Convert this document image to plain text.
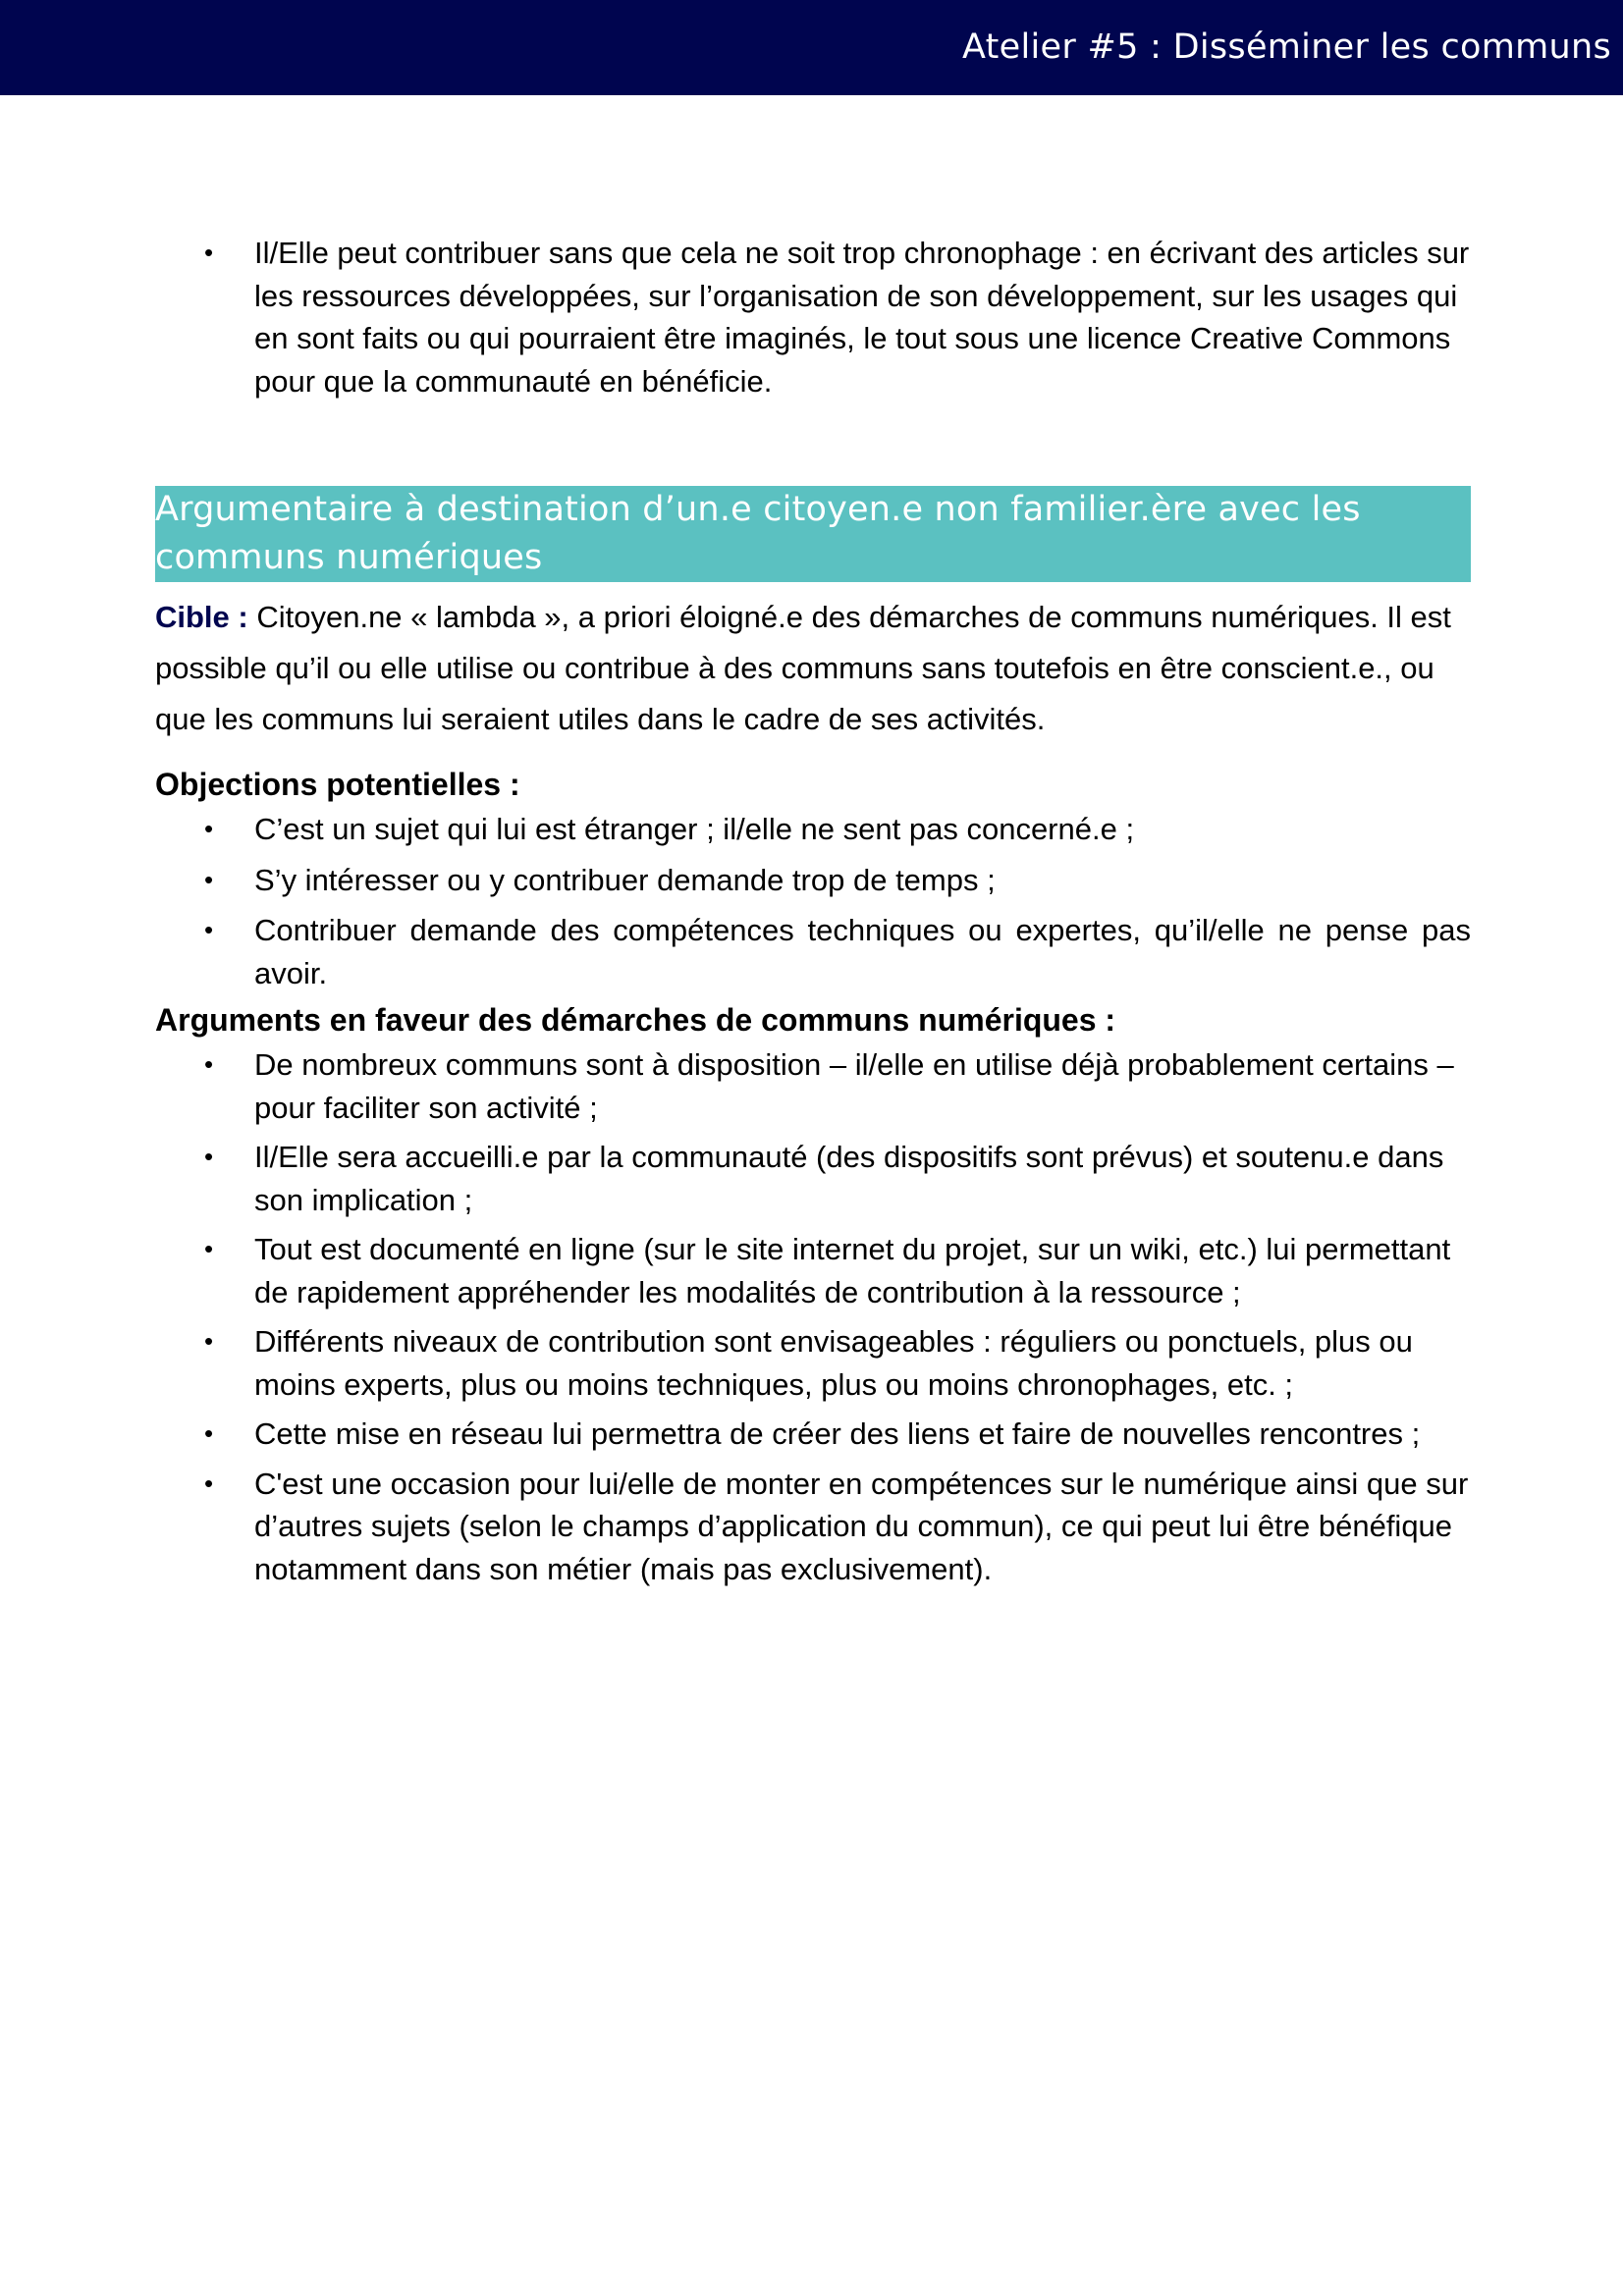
Atelier #5 : Disséminer les communs
• Il/Elle peut contribuer sans que cela ne soit trop chronophage : en écrivant des articles sur les ressources développées, sur l’organisation de son développement, sur les usages qui en sont faits ou qui pourraient être imaginés, le tout sous une licence Creative Commons pour que la communauté en bénéficie.
Argumentaire à destination d’un.e citoyen.e non familier.ère avec les communs numériques
Cible : Citoyen.ne « lambda », a priori éloigné.e des démarches de communs numériques. Il est possible qu’il ou elle utilise ou contribue à des communs sans toutefois en être conscient.e., ou que les communs lui seraient utiles dans le cadre de ses activités.
Objections potentielles :
• C’est un sujet qui lui est étranger ; il/elle ne sent pas concerné.e ;
• S’y intéresser ou y contribuer demande trop de temps ;
• Contribuer demande des compétences techniques ou expertes, qu’il/elle ne pense pas avoir.
Arguments en faveur des démarches de communs numériques :
• De nombreux communs sont à disposition – il/elle en utilise déjà probablement certains – pour faciliter son activité ;
• Il/Elle sera accueilli.e par la communauté (des dispositifs sont prévus) et soutenu.e dans son implication ;
• Tout est documenté en ligne (sur le site internet du projet, sur un wiki, etc.) lui permettant de rapidement appréhender les modalités de contribution à la ressource ;
• Différents niveaux de contribution sont envisageables : réguliers ou ponctuels, plus ou moins experts, plus ou moins techniques, plus ou moins chronophages, etc. ;
• Cette mise en réseau lui permettra de créer des liens et faire de nouvelles rencontres ;
• C'est une occasion pour lui/elle de monter en compétences sur le numérique ainsi que sur d’autres sujets (selon le champs d’application du commun), ce qui peut lui être bénéfique notamment dans son métier (mais pas exclusivement).
